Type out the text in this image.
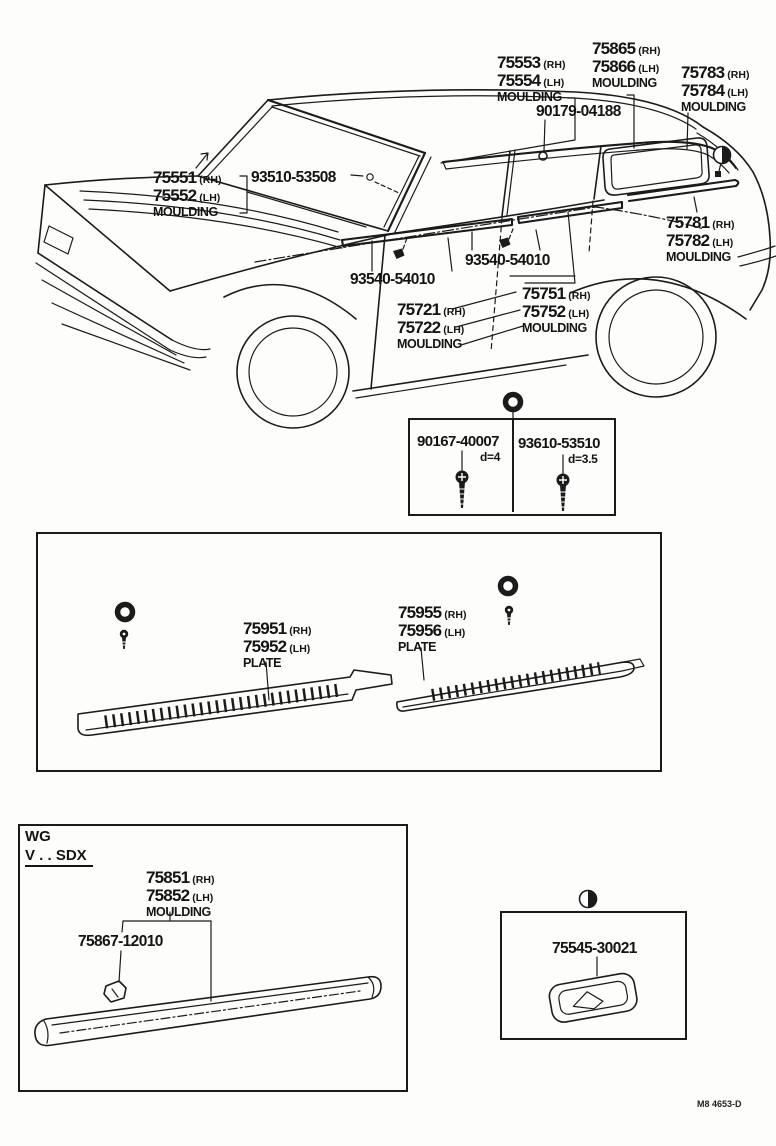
75553 (RH)
75554 (LH)
MOULDING
75865 (RH)
75866 (LH)
MOULDING
75783 (RH)
75784 (LH)
MOULDING
90179-04188
75551 (RH)
75552 (LH)
MOULDING
93510-53508
75781 (RH)
75782 (LH)
MOULDING
93540-54010
93540-54010
75721 (RH)
75722 (LH)
MOULDING
75751 (RH)
75752 (LH)
MOULDING
90167-40007
d=4
93610-53510
d=3.5
75951 (RH)
75952 (LH)
PLATE
75955 (RH)
75956 (LH)
PLATE
WG
V . . SDX
75851 (RH)
75852 (LH)
MOULDING
75867-12010	75545-30021
M8 4653-D
